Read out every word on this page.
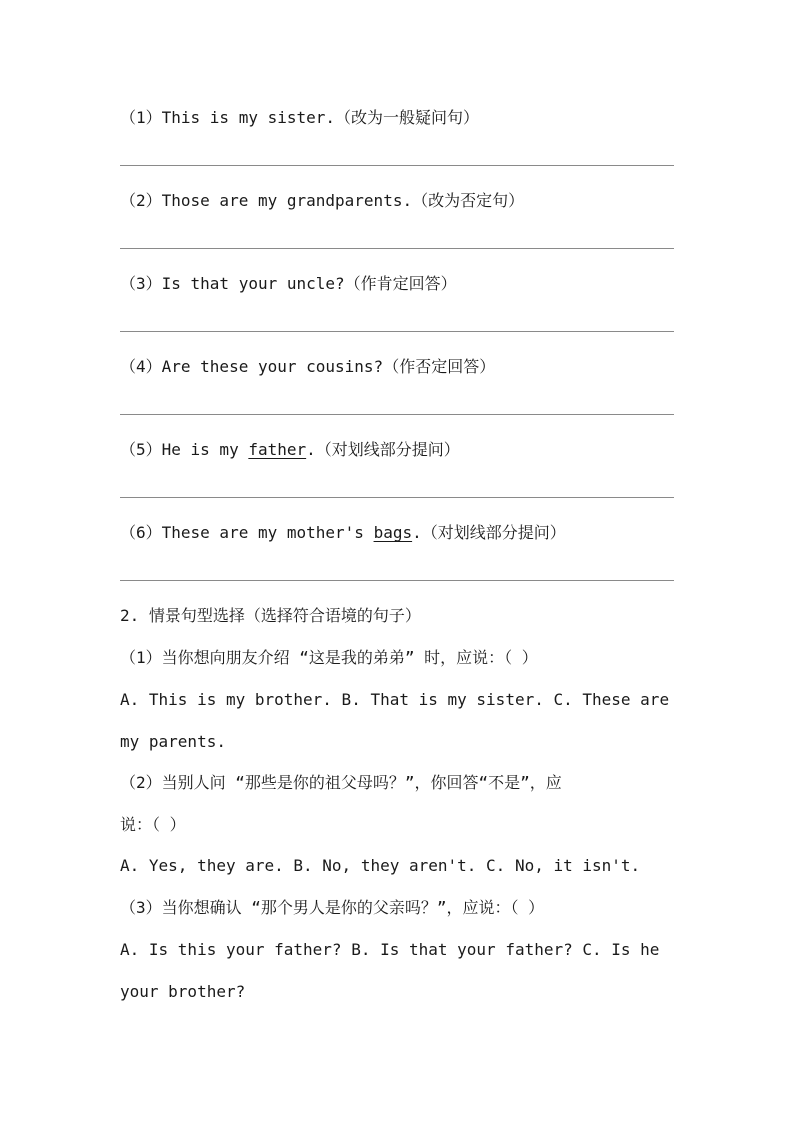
（1）This is my sister.（改为一般疑问句）
（2）Those are my grandparents.（改为否定句）
（3）Is that your uncle?（作肯定回答）
（4）Are these your cousins?（作否定回答）
（5）He is my father.（对划线部分提问）
（6）These are my mother's bags.（对划线部分提问）
2. 情景句型选择（选择符合语境的句子）
（1）当你想向朋友介绍 “这是我的弟弟” 时，应说：（ ）
A. This is my brother. B. That is my sister. C. These are
my parents.
（2）当别人问 “那些是你的祖父母吗？”，你回答“不是”，应
说：（ ）
A. Yes, they are. B. No, they aren't. C. No, it isn't.
（3）当你想确认 “那个男人是你的父亲吗？”，应说：（ ）
A. Is this your father? B. Is that your father? C. Is he
your brother?
